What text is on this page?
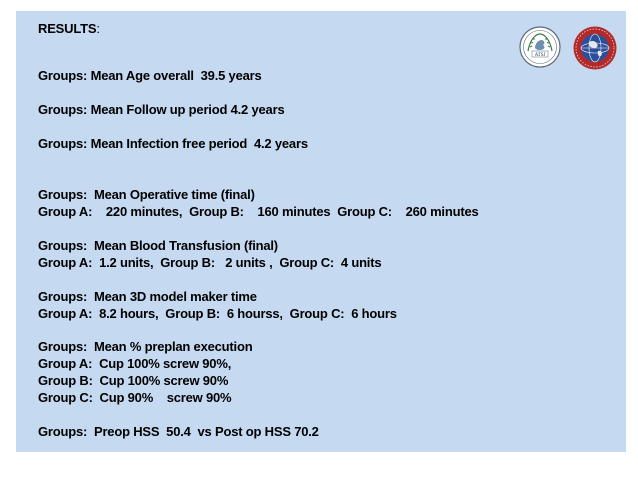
RESULTS:

Groups: Mean Age overall  39.5 years

Groups: Mean Follow up period 4.2 years

Groups: Mean Infection free period  4.2 years

Groups:  Mean Operative time (final)

Group A:    220 minutes,  Group B:    160 minutes  Group C:    260 minutes

Groups:  Mean Blood Transfusion (final)

Group A:  1.2 units,  Group B:   2 units ,  Group C:  4 units

Groups:  Mean 3D model maker time

Group A:  8.2 hours,  Group B:  6 hourss,  Group C:  6 hours

Groups:  Mean % preplan execution

Group A:  Cup 100% screw 90%,

Group B:  Cup 100% screw 90%

Group C:  Cup 90%    screw 90%

Groups:  Preop HSS  50.4  vs Post op HSS 70.2

ATSJ
